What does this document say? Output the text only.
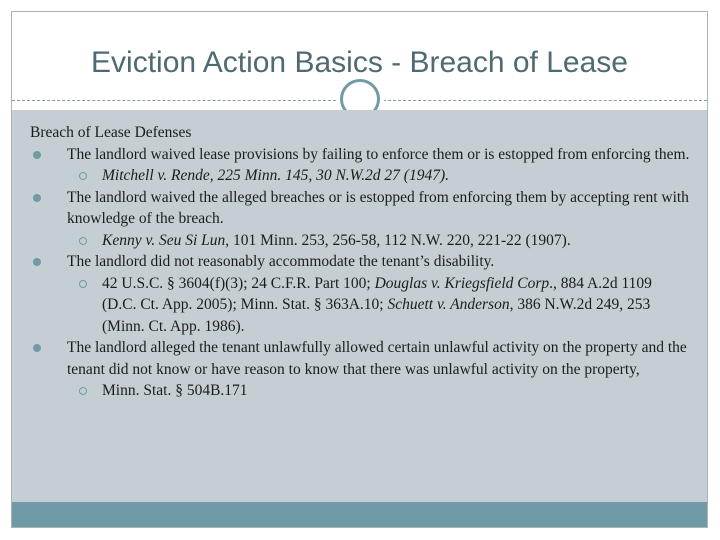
Eviction Action Basics - Breach of Lease
Breach of Lease Defenses
The landlord waived lease provisions by failing to enforce them or is estopped from enforcing them.
Mitchell v. Rende, 225 Minn. 145, 30 N.W.2d 27 (1947).
The landlord waived the alleged breaches or is estopped from enforcing them by accepting rent with knowledge of the breach.
Kenny v. Seu Si Lun, 101 Minn. 253, 256-58, 112 N.W. 220, 221-22 (1907).
The landlord did not reasonably accommodate the tenant’s disability.
42 U.S.C. § 3604(f)(3); 24 C.F.R. Part 100; Douglas v. Kriegsfield Corp., 884 A.2d 1109 (D.C. Ct. App. 2005); Minn. Stat. § 363A.10; Schuett v. Anderson, 386 N.W.2d 249, 253 (Minn. Ct. App. 1986).
The landlord alleged the tenant unlawfully allowed certain unlawful activity on the property and the tenant did not know or have reason to know that there was unlawful activity on the property,
Minn. Stat. § 504B.171
